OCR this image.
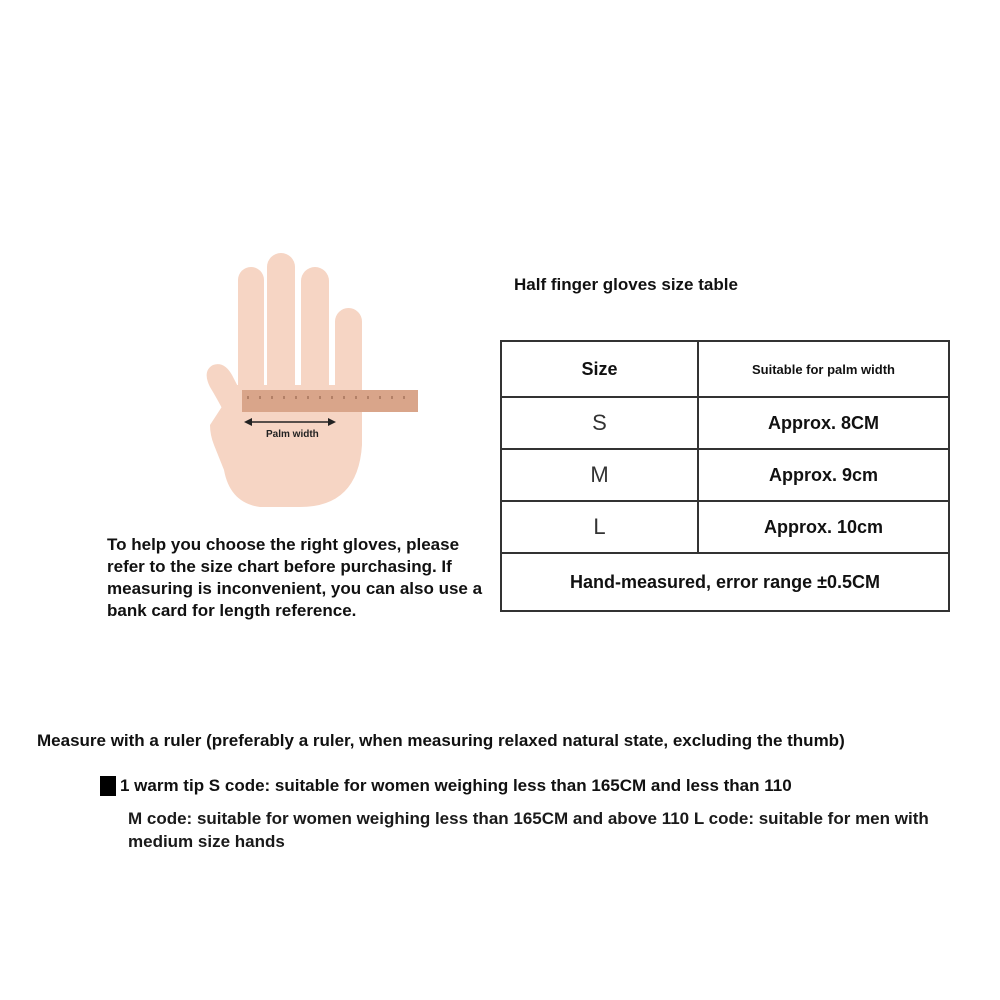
Palm width
Half finger gloves size table
Size	Suitable for palm width
S	Approx. 8CM
M	Approx. 9cm
L	Approx. 10cm
Hand-measured, error range ±0.5CM	
To help you choose the right gloves, please refer to the size chart before purchasing. If measuring is inconvenient, you can also use a bank card for length reference.
Measure with a ruler (preferably a ruler, when measuring relaxed natural state, excluding the thumb)
1 warm tip S code: suitable for women weighing less than 165CM and less than 110
M code: suitable for women weighing less than 165CM and above 110 L code: suitable for men with medium size hands
